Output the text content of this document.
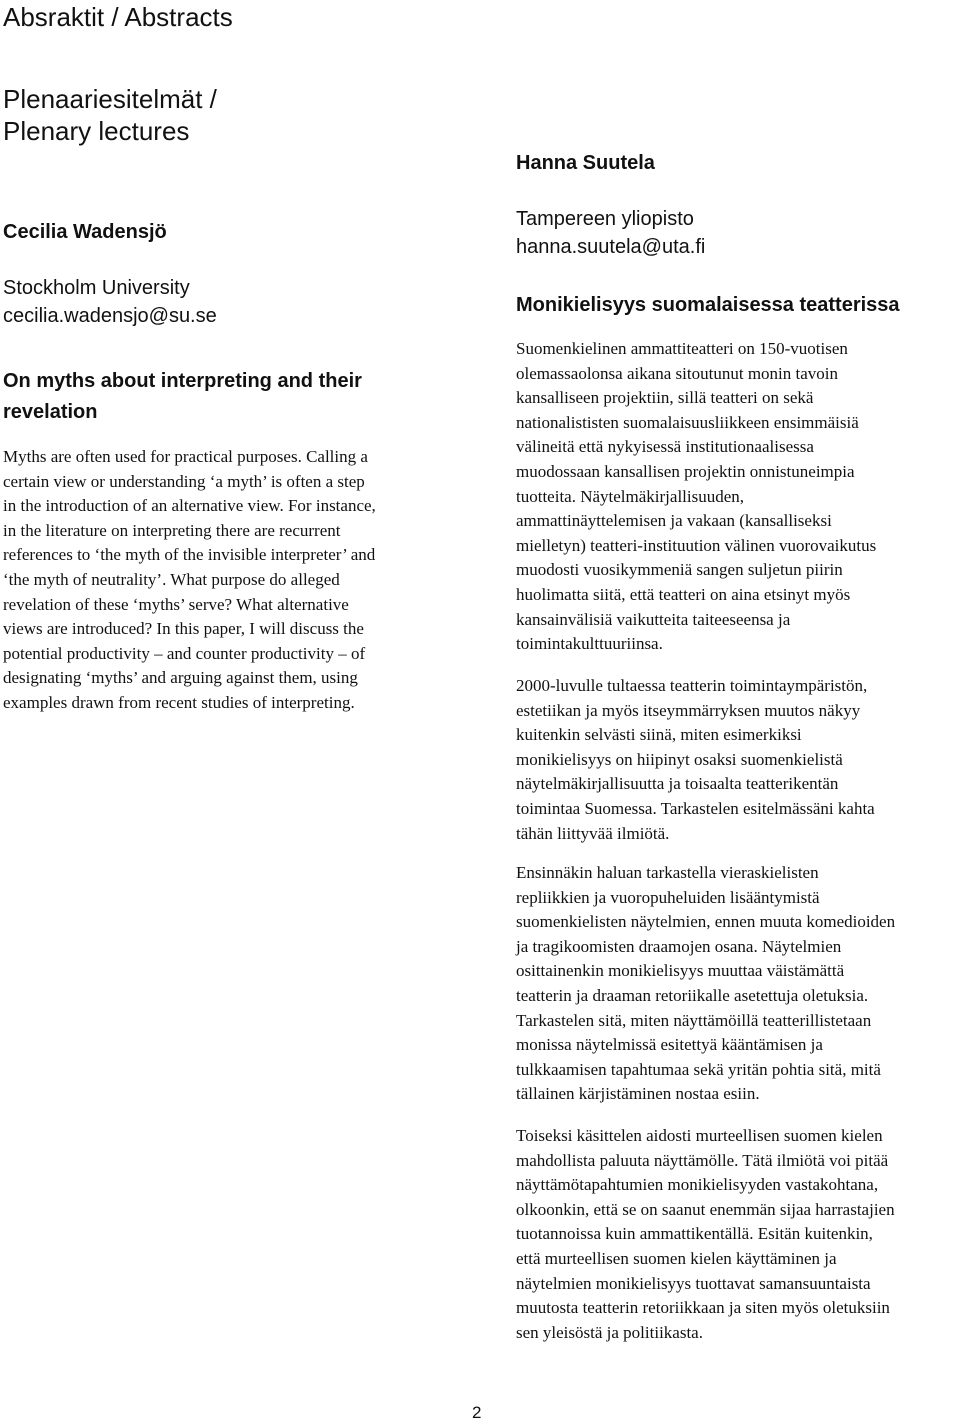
Absraktit / Abstracts
Plenaariesitelmät /
Plenary lectures
Cecilia Wadensjö
Stockholm University
cecilia.wadensjo@su.se
On myths about interpreting and their
revelation

Myths are often used for practical purposes. Calling a
certain view or understanding ‘a myth’ is often a step
in the introduction of an alternative view. For instance,
in the literature on interpreting there are recurrent
references to ‘the myth of the invisible interpreter’ and
‘the myth of neutrality’. What purpose do alleged
revelation of these ‘myths’ serve? What alternative
views are introduced? In this paper, I will discuss the
potential productivity – and counter productivity – of
designating ‘myths’ and arguing against them, using
examples drawn from recent studies of interpreting.

Hanna Suutela
Tampereen yliopisto
hanna.suutela@uta.fi
Monikielisyys suomalaisessa teatterissa

Suomenkielinen ammattiteatteri on 150-vuotisen
olemassaolonsa aikana sitoutunut monin tavoin
kansalliseen projektiin, sillä teatteri on sekä
nationalististen suomalaisuusliikkeen ensimmäisiä
välineitä että nykyisessä institutionaalisessa
muodossaan kansallisen projektin onnistuneimpia
tuotteita. Näytelmäkirjallisuuden,
ammattinäyttelemisen ja vakaan (kansalliseksi
mielletyn) teatteri-instituution välinen vuorovaikutus
muodosti vuosikymmeniä sangen suljetun piirin
huolimatta siitä, että teatteri on aina etsinyt myös
kansainvälisiä vaikutteita taiteeseensa ja
toimintakulttuuriinsa.

2000-luvulle tultaessa teatterin toimintaympäristön,
estetiikan ja myös itseymmärryksen muutos näkyy
kuitenkin selvästi siinä, miten esimerkiksi
monikielisyys on hiipinyt osaksi suomenkielistä
näytelmäkirjallisuutta ja toisaalta teatterikentän
toimintaa Suomessa. Tarkastelen esitelmässäni kahta
tähän liittyvää ilmiötä.

Ensinnäkin haluan tarkastella vieraskielisten
repliikkien ja vuoropuheluiden lisääntymistä
suomenkielisten näytelmien, ennen muuta komedioiden
ja tragikoomisten draamojen osana. Näytelmien
osittainenkin monikielisyys muuttaa väistämättä
teatterin ja draaman retoriikalle asetettuja oletuksia.
Tarkastelen sitä, miten näyttämöillä teatterillistetaan
monissa näytelmissä esitettyä kääntämisen ja
tulkkaamisen tapahtumaa sekä yritän pohtia sitä, mitä
tällainen kärjistäminen nostaa esiin.

Toiseksi käsittelen aidosti murteellisen suomen kielen
mahdollista paluuta näyttämölle. Tätä ilmiötä voi pitää
näyttämötapahtumien monikielisyyden vastakohtana,
olkoonkin, että se on saanut enemmän sijaa harrastajien
tuotannoissa kuin ammattikentällä. Esitän kuitenkin,
että murteellisen suomen kielen käyttäminen ja
näytelmien monikielisyys tuottavat samansuuntaista
muutosta teatterin retoriikkaan ja siten myös oletuksiin
sen yleisöstä ja politiikasta.

2
